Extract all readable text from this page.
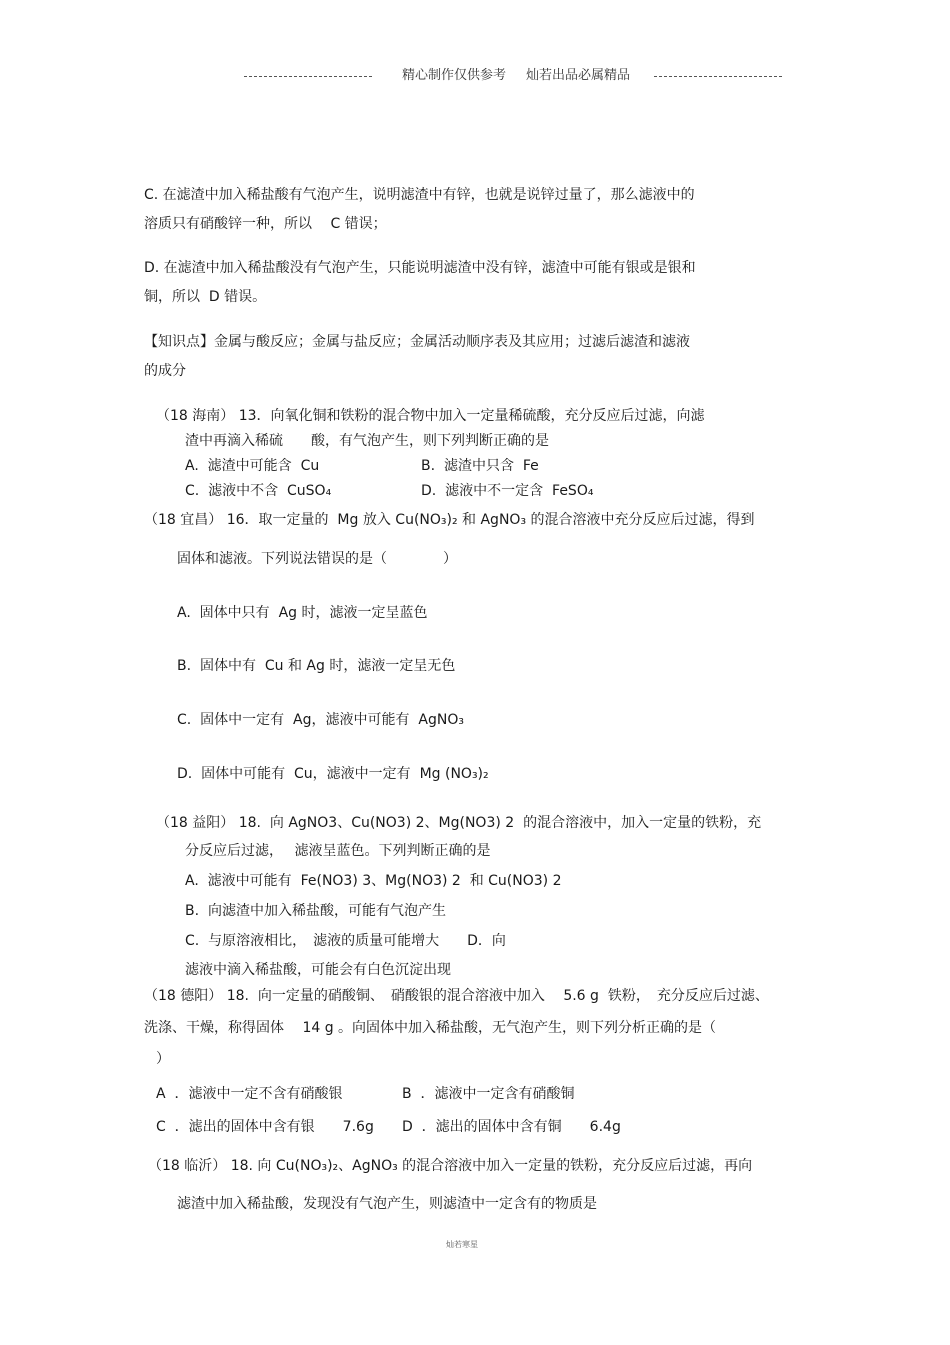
精心制作仅供参考 灿若出品必属精品
C. 在滤渣中加入稀盐酸有气泡产生，说明滤渣中有锌，也就是说锌过量了，那么滤液中的
溶质只有硝酸锌一种，所以 　C 错误；
D. 在滤渣中加入稀盐酸没有气泡产生，只能说明滤渣中没有锌，滤渣中可能有银或是银和
铜，所以  D 错误。
【知识点】金属与酸反应；金属与盐反应；金属活动顺序表及其应用；过滤后滤渣和滤液
的成分
（18 海南） 13．向氧化铜和铁粉的混合物中加入一定量稀硫酸，充分反应后过滤，向滤
渣中再滴入稀硫　　酸，有气泡产生，则下列判断正确的是
A.  滤渣中可能含  Cu	B.  滤渣中只含  Fe
C.  滤液中不含  CuSO₄	D.  滤液中不一定含  FeSO₄
（18 宜昌） 16．取一定量的  Mg 放入 Cu(NO₃)₂ 和 AgNO₃ 的混合溶液中充分反应后过滤，得到
固体和滤液。下列说法错误的是（　　　　）
A.  固体中只有  Ag 时，滤液一定呈蓝色
B.  固体中有  Cu 和 Ag 时，滤液一定呈无色
C.  固体中一定有  Ag，滤液中可能有  AgNO₃
D.  固体中可能有  Cu，滤液中一定有  Mg (NO₃)₂
（18 益阳） 18.  向 AgNO3、Cu(NO3) 2、Mg(NO3) 2  的混合溶液中，加入一定量的铁粉，充
分反应后过滤，　 滤液呈蓝色。下列判断正确的是
A.  滤液中可能有  Fe(NO3) 3、Mg(NO3) 2  和 Cu(NO3) 2
B.  向滤渣中加入稀盐酸，可能有气泡产生
C.  与原溶液相比，　滤液的质量可能增大　　D．向
滤液中滴入稀盐酸，可能会有白色沉淀出现
（18 德阳） 18.  向一定量的硝酸铜、　硝酸银的混合溶液中加入　 5.6 g  铁粉，　充分反应后过滤、
洗涤、干燥，称得固体　 14 g 。向固体中加入稀盐酸，无气泡产生，则下列分析正确的是（
）
A  ．滤液中一定不含有硝酸银	B  ．滤液中一定含有硝酸铜
C  ．滤出的固体中含有银　　7.6g D  ．滤出的固体中含有铜　　6.4g
（18 临沂） 18. 向 Cu(NO₃)₂、AgNO₃ 的混合溶液中加入一定量的铁粉，充分反应后过滤，再向
滤渣中加入稀盐酸，发现没有气泡产生，则滤渣中一定含有的物质是
灿若寒星
